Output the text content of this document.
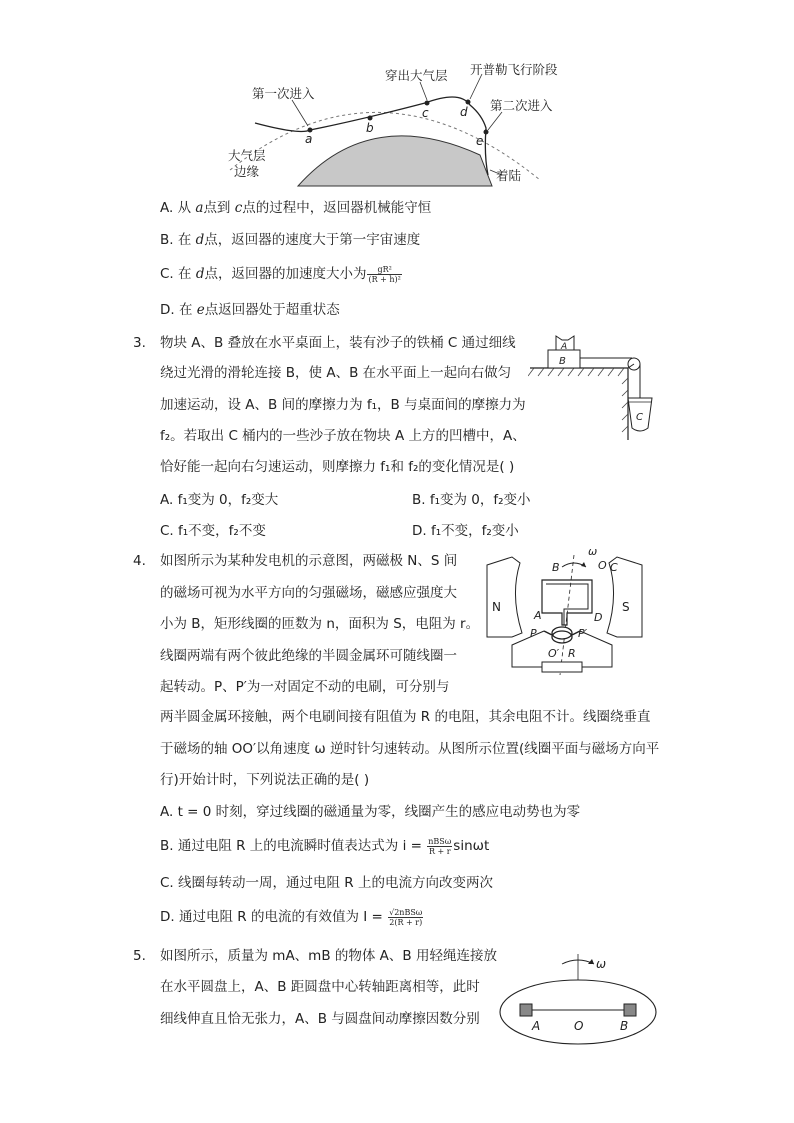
第一次进入
穿出大气层 开普勒飞行阶段
第二次进入
大气层
边缘	着陆
a
b
c	d
e
A. 从 a点到 c点的过程中，返回器机械能守恒
B. 在 d点，返回器的速度大于第一宇宙速度
C. 在 d点，返回器的加速度大小为 $\frac{\text{gR²}}{\text{(R + h)²}}$
D. 在 e点返回器处于超重状态
3. 物块 A、B 叠放在水平桌面上，装有沙子的铁桶 C 通过细线
绕过光滑的滑轮连接 B，使 A、B 在水平面上一起向右做匀
加速运动，设 A、B 间的摩擦力为 f₁，B 与桌面间的摩擦力为
f₂。若取出 C 桶内的一些沙子放在物块 A 上方的凹槽中，A、
恰好能一起向右匀速运动，则摩擦力 f₁和 f₂的变化情况是( )
A. f₁变为 0，f₂变大	B. f₁变为 0，f₂变小
C. f₁不变，f₂不变	D. f₁不变，f₂变小
B
A
C
4. 如图所示为某种发电机的示意图，两磁极 N、S 间
的磁场可视为水平方向的匀强磁场，磁感应强度大
小为 B，矩形线圈的匝数为 n，面积为 S，电阻为 r。
线圈两端有两个彼此绝缘的半圆金属环可随线圈一
起转动。P、P′为一对固定不动的电刷，可分别与
两半圆金属环接触，两个电刷间接有阻值为 R 的电阻，其余电阻不计。线圈绕垂直
于磁场的轴 OO′以角速度 ω 逆时针匀速转动。从图所示位置(线圈平面与磁场方向平
行)开始计时，下列说法正确的是( )
A. t = 0 时刻，穿过线圈的磁通量为零，线圈产生的感应电动势也为零
B. 通过电阻 R 上的电流瞬时值表达式为 $i = \frac{\text{nBSω}}{R + r}$ sinωt
C. 线圈每转动一周，通过电阻 R 上的电流方向改变两次
D. 通过电阻 R 的电流的有效值为 $I = \frac{\text{√2nBSω}}{2(R + r)}$
N	S
B
ω
O C
A	D
P	P′
O′ R
5. 如图所示，质量为 mA、mB 的物体 A、B 用轻绳连接放
在水平圆盘上，A、B 距圆盘中心转轴距离相等，此时
细线伸直且恰无张力，A、B 与圆盘间动摩擦因数分别
ω
A	O	B
